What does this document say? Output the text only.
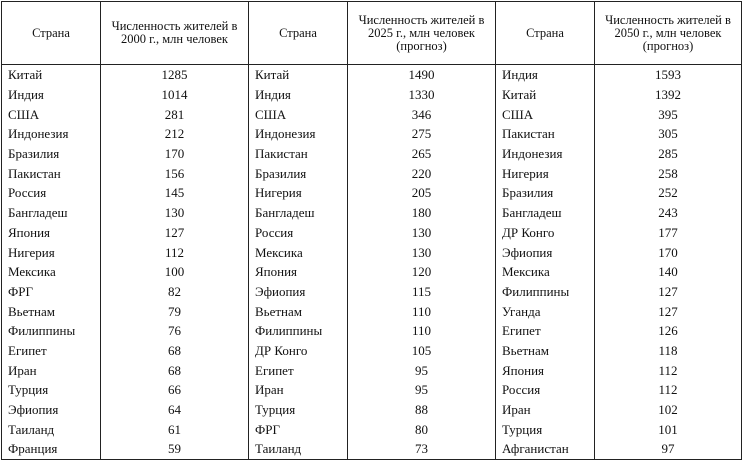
Страна	Численность жителей в 2000 г., млн человек	Страна	Численность жителей в 2025 г., млн человек (прогноз)	Страна	Численность жителей в 2050 г., млн человек (прогноз)
Китай	1285	Китай	1490	Индия	1593
Индия	1014	Индия	1330	Китай	1392
США	281	США	346	США	395
Индонезия	212	Индонезия	275	Пакистан	305
Бразилия	170	Пакистан	265	Индонезия	285
Пакистан	156	Бразилия	220	Нигерия	258
Россия	145	Нигерия	205	Бразилия	252
Бангладеш	130	Бангладеш	180	Бангладеш	243
Япония	127	Россия	130	ДР Конго	177
Нигерия	112	Мексика	130	Эфиопия	170
Мексика	100	Япония	120	Мексика	140
ФРГ	82	Эфиопия	115	Филиппины	127
Вьетнам	79	Вьетнам	110	Уганда	127
Филиппины	76	Филиппины	110	Египет	126
Египет	68	ДР Конго	105	Вьетнам	118
Иран	68	Египет	95	Япония	112
Турция	66	Иран	95	Россия	112
Эфиопия	64	Турция	88	Иран	102
Таиланд	61	ФРГ	80	Турция	101
Франция	59	Таиланд	73	Афганистан	97
